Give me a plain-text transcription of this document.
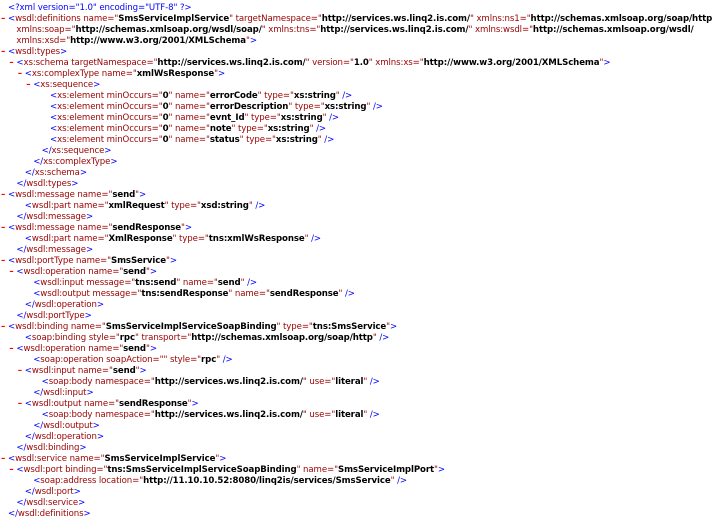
<?xml version="1.0" encoding="UTF-8" ?>
– <wsdl:definitions name="SmsServiceImplService" targetNamespace="http://services.ws.linq2.is.com/" xmlns:ns1="http://schemas.xmlsoap.org/soap/http
xmlns:soap="http://schemas.xmlsoap.org/wsdl/soap/" xmlns:tns="http://services.ws.linq2.is.com/" xmlns:wsdl="http://schemas.xmlsoap.org/wsdl/
xmlns:xsd="http://www.w3.org/2001/XMLSchema">
– <wsdl:types>
– <xs:schema targetNamespace="http://services.ws.linq2.is.com/" version="1.0" xmlns:xs="http://www.w3.org/2001/XMLSchema">
– <xs:complexType name="xmlWsResponse">
– <xs:sequence>
<xs:element minOccurs="0" name="errorCode" type="xs:string" />
<xs:element minOccurs="0" name="errorDescription" type="xs:string" />
<xs:element minOccurs="0" name="evnt_Id" type="xs:string" />
<xs:element minOccurs="0" name="note" type="xs:string" />
<xs:element minOccurs="0" name="status" type="xs:string" />
</xs:sequence>
</xs:complexType>
</xs:schema>
</wsdl:types>
– <wsdl:message name="send">
<wsdl:part name="xmlRequest" type="xsd:string" />
</wsdl:message>
– <wsdl:message name="sendResponse">
<wsdl:part name="XmlResponse" type="tns:xmlWsResponse" />
</wsdl:message>
– <wsdl:portType name="SmsService">
– <wsdl:operation name="send">
<wsdl:input message="tns:send" name="send" />
<wsdl:output message="tns:sendResponse" name="sendResponse" />
</wsdl:operation>
</wsdl:portType>
– <wsdl:binding name="SmsServiceImplServiceSoapBinding" type="tns:SmsService">
<soap:binding style="rpc" transport="http://schemas.xmlsoap.org/soap/http" />
– <wsdl:operation name="send">
<soap:operation soapAction="" style="rpc" />
– <wsdl:input name="send">
<soap:body namespace="http://services.ws.linq2.is.com/" use="literal" />
</wsdl:input>
– <wsdl:output name="sendResponse">
<soap:body namespace="http://services.ws.linq2.is.com/" use="literal" />
</wsdl:output>
</wsdl:operation>
</wsdl:binding>
– <wsdl:service name="SmsServiceImplService">
– <wsdl:port binding="tns:SmsServiceImplServiceSoapBinding" name="SmsServiceImplPort">
<soap:address location="http://11.10.10.52:8080/linq2is/services/SmsService" />
</wsdl:port>
</wsdl:service>
</wsdl:definitions>
